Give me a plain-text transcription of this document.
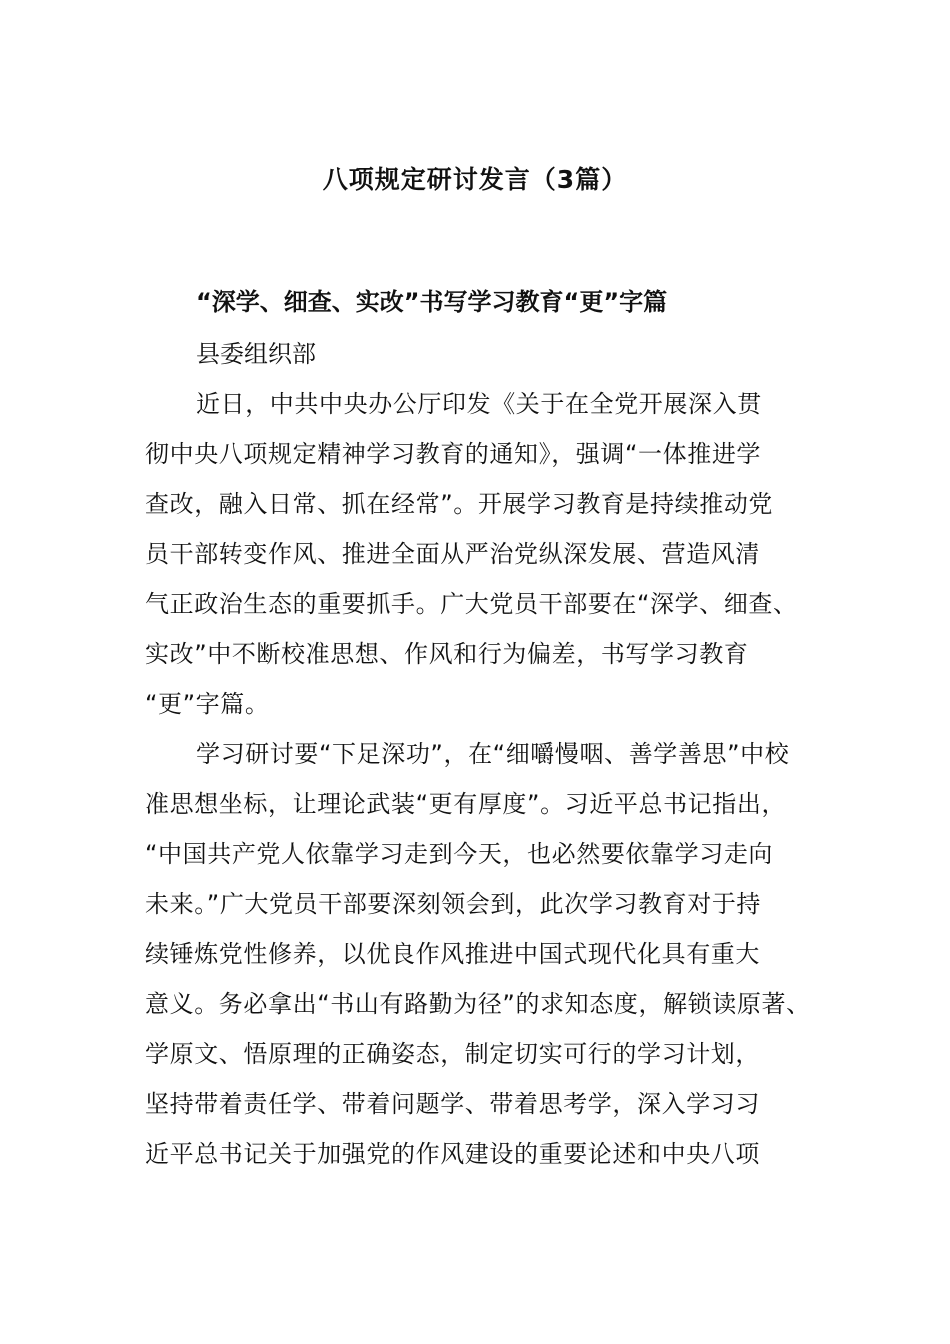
八项规定研讨发言（3篇）
“深学、细查、实改”书写学习教育“更”字篇
县委组织部
近日，中共中央办公厅印发《关于在全党开展深入贯
彻中央八项规定精神学习教育的通知》，强调“一体推进学
查改，融入日常、抓在经常”。开展学习教育是持续推动党
员干部转变作风、推进全面从严治党纵深发展、营造风清
气正政治生态的重要抓手。广大党员干部要在“深学、细查、
实改”中不断校准思想、作风和行为偏差，书写学习教育
“更”字篇。
学习研讨要“下足深功”，在“细嚼慢咽、善学善思”中校
准思想坐标，让理论武装“更有厚度”。习近平总书记指出，
“中国共产党人依靠学习走到今天，也必然要依靠学习走向
未来。”广大党员干部要深刻领会到，此次学习教育对于持
续锤炼党性修养，以优良作风推进中国式现代化具有重大
意义。务必拿出“书山有路勤为径”的求知态度，解锁读原著、
学原文、悟原理的正确姿态，制定切实可行的学习计划，
坚持带着责任学、带着问题学、带着思考学，深入学习习
近平总书记关于加强党的作风建设的重要论述和中央八项
